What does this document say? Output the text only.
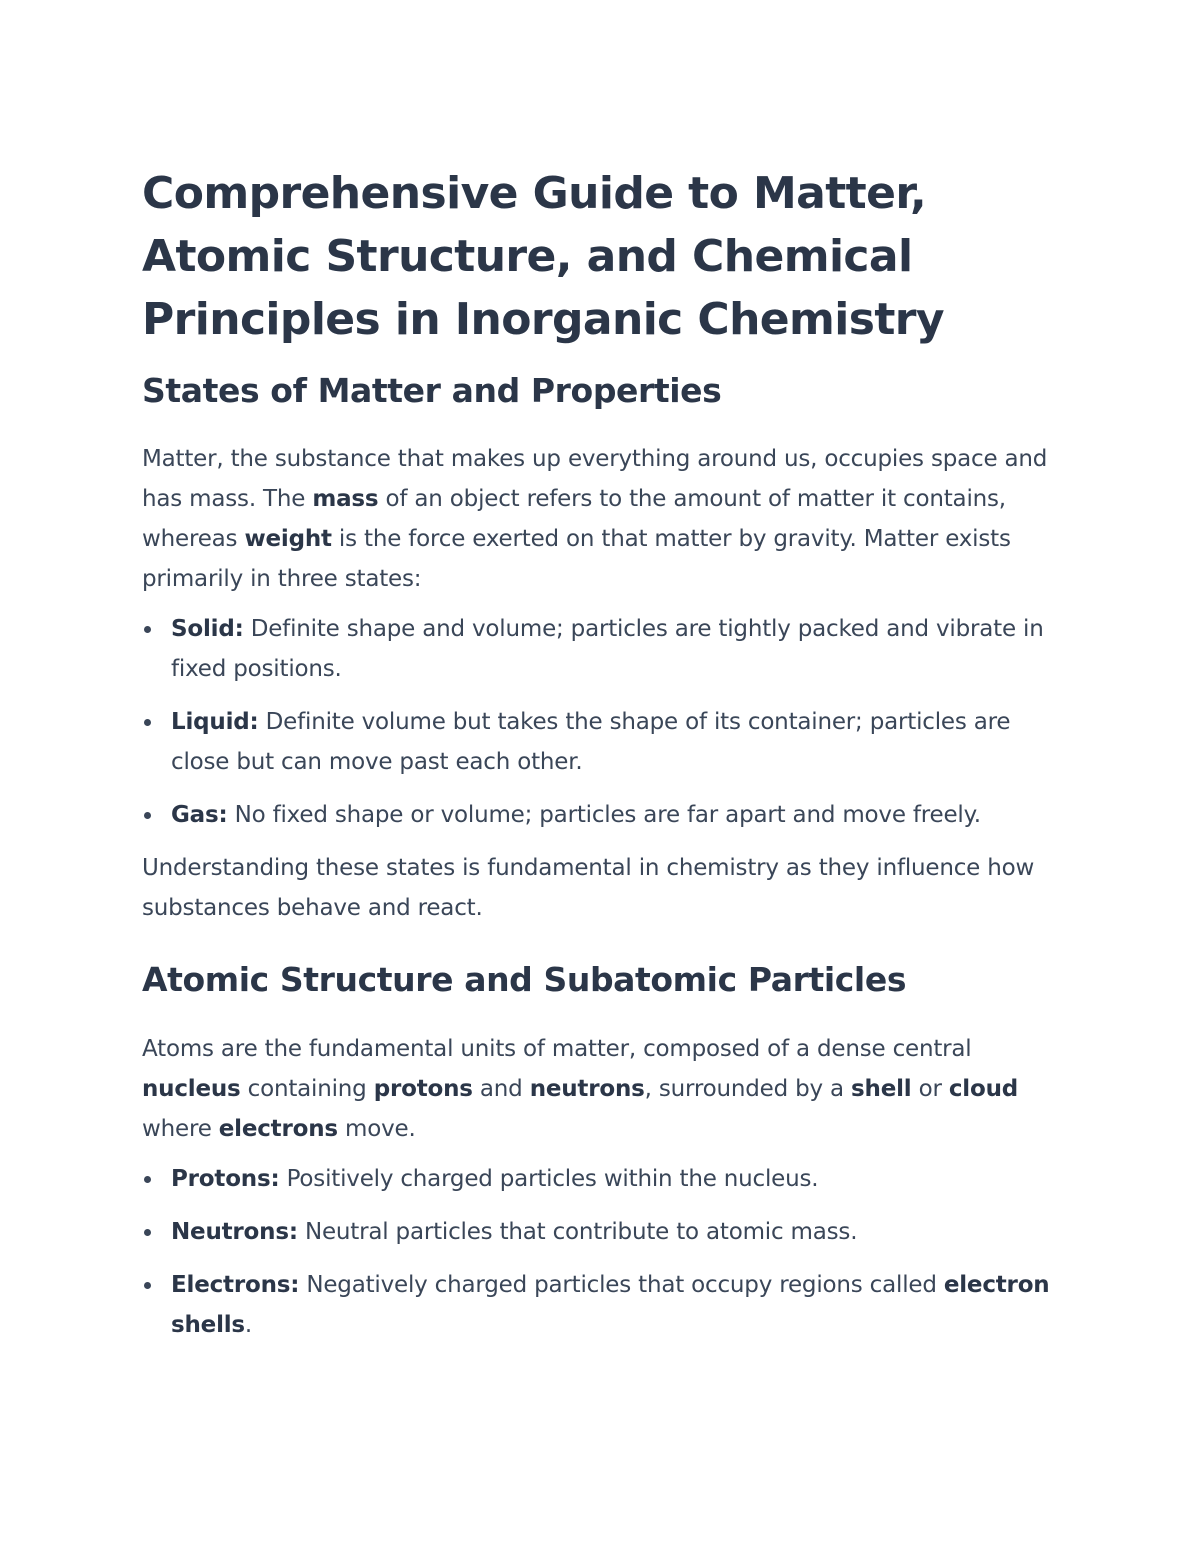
Comprehensive Guide to Matter, Atomic Structure, and Chemical Principles in Inorganic Chemistry
States of Matter and Properties

Matter, the substance that makes up everything around us, occupies space and has mass. The mass of an object refers to the amount of matter it contains, whereas weight is the force exerted on that matter by gravity. Matter exists primarily in three states:

Solid: Definite shape and volume; particles are tightly packed and vibrate in fixed positions.
Liquid: Definite volume but takes the shape of its container; particles are close but can move past each other.
Gas: No fixed shape or volume; particles are far apart and move freely.

Understanding these states is fundamental in chemistry as they influence how substances behave and react.

Atomic Structure and Subatomic Particles

Atoms are the fundamental units of matter, composed of a dense central nucleus containing protons and neutrons, surrounded by a shell or cloud where electrons move.

Protons: Positively charged particles within the nucleus.
Neutrons: Neutral particles that contribute to atomic mass.
Electrons: Negatively charged particles that occupy regions called electron shells.
